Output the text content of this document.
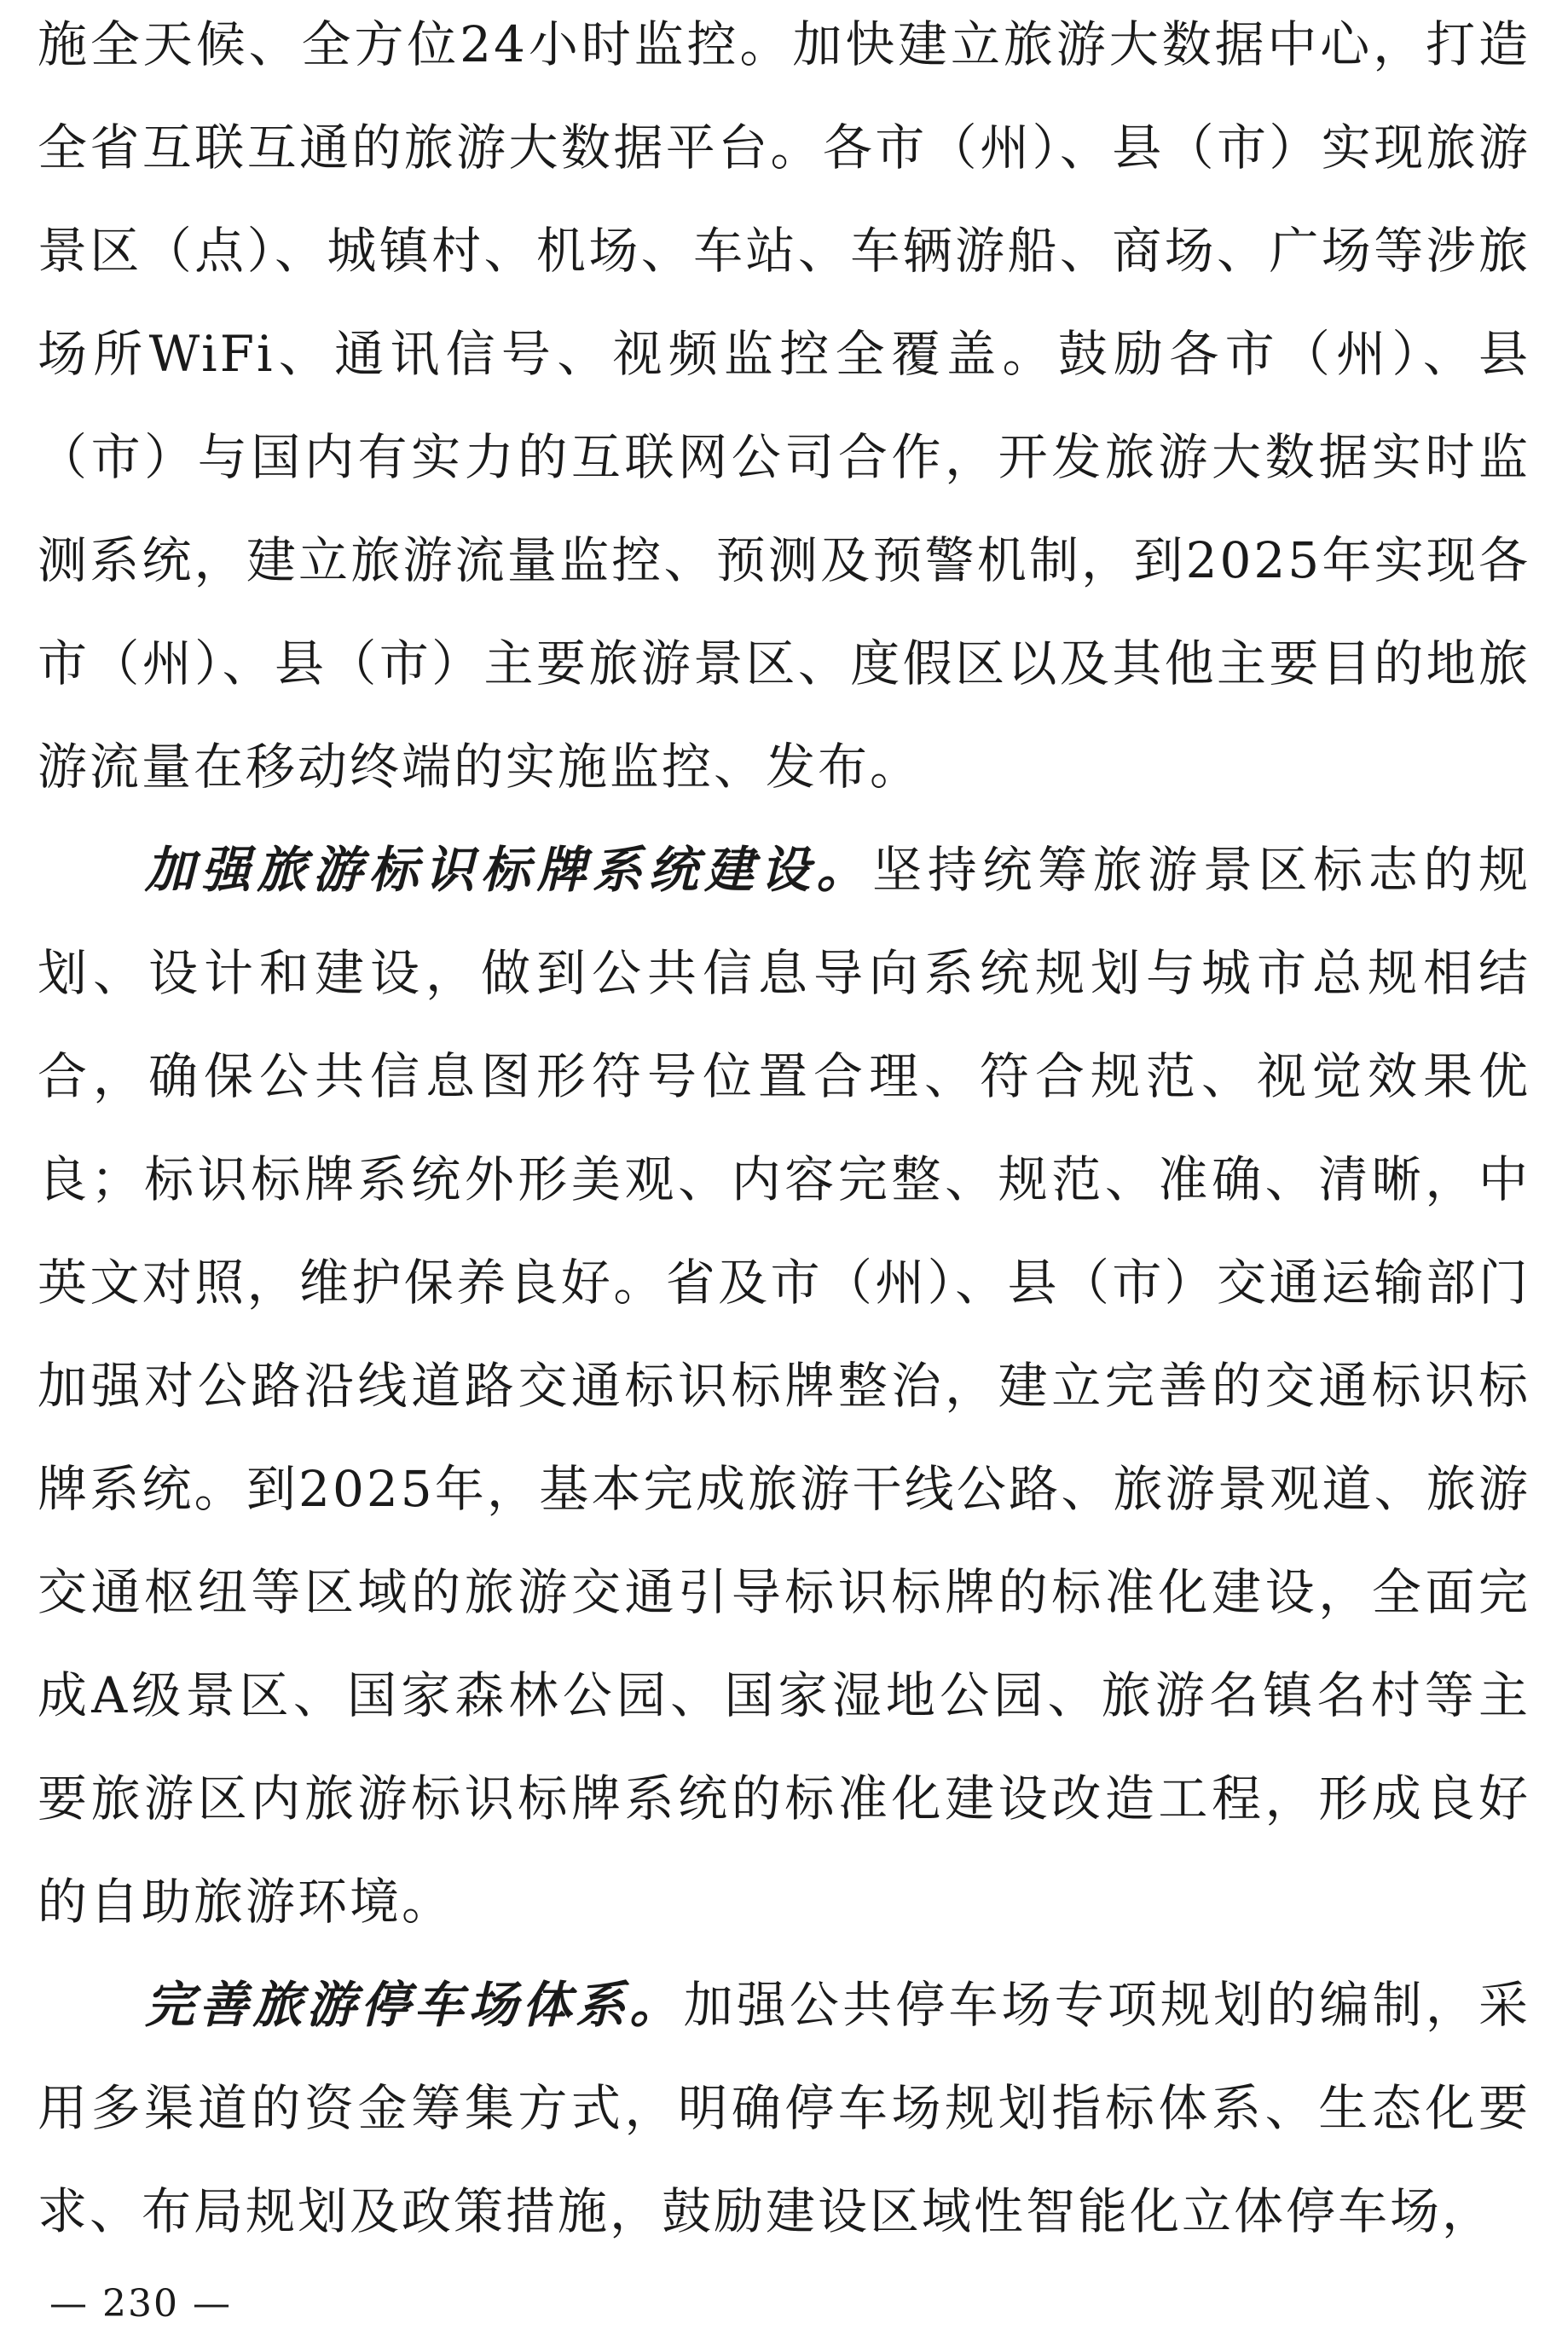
施全天候、全方位24小时监控。加快建立旅游大数据中心，打造全省互联互通的旅游大数据平台。各市（州）、县（市）实现旅游景区（点）、城镇村、机场、车站、车辆游船、商场、广场等涉旅场所WiFi、通讯信号、视频监控全覆盖。鼓励各市（州）、县（市）与国内有实力的互联网公司合作，开发旅游大数据实时监测系统，建立旅游流量监控、预测及预警机制，到2025年实现各市（州）、县（市）主要旅游景区、度假区以及其他主要目的地旅游流量在移动终端的实施监控、发布。

加强旅游标识标牌系统建设。坚持统筹旅游景区标志的规划、设计和建设，做到公共信息导向系统规划与城市总规相结合，确保公共信息图形符号位置合理、符合规范、视觉效果优良；标识标牌系统外形美观、内容完整、规范、准确、清晰，中英文对照，维护保养良好。省及市（州）、县（市）交通运输部门加强对公路沿线道路交通标识标牌整治，建立完善的交通标识标牌系统。到2025年，基本完成旅游干线公路、旅游景观道、旅游交通枢纽等区域的旅游交通引导标识标牌的标准化建设，全面完成A级景区、国家森林公园、国家湿地公园、旅游名镇名村等主要旅游区内旅游标识标牌系统的标准化建设改造工程，形成良好的自助旅游环境。

完善旅游停车场体系。加强公共停车场专项规划的编制，采用多渠道的资金筹集方式，明确停车场规划指标体系、生态化要求、布局规划及政策措施，鼓励建设区域性智能化立体停车场，

— 230 —
